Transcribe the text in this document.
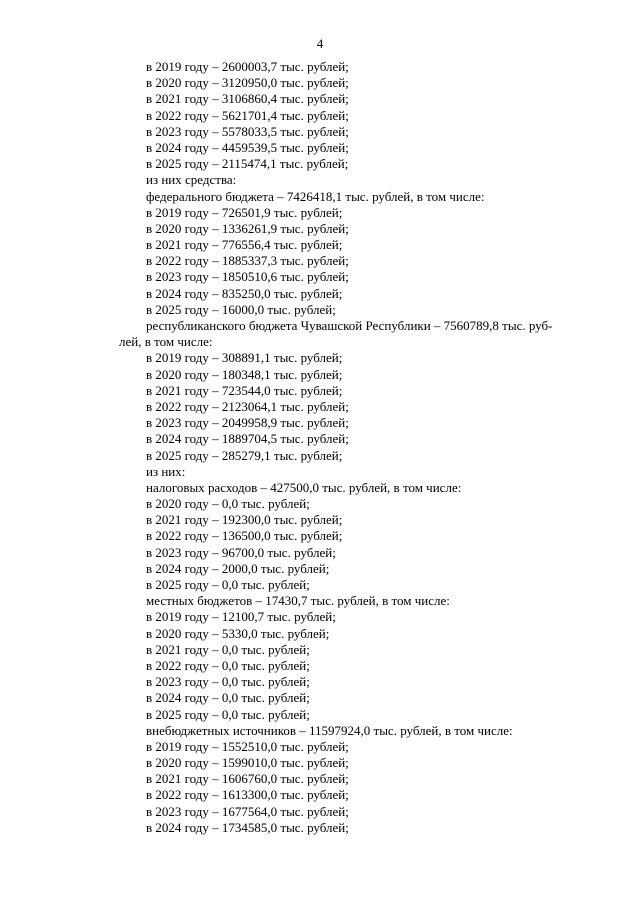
4
в 2019 году – 2600003,7 тыс. рублей;
в 2020 году – 3120950,0 тыс. рублей;
в 2021 году – 3106860,4 тыс. рублей;
в 2022 году – 5621701,4 тыс. рублей;
в 2023 году – 5578033,5 тыс. рублей;
в 2024 году – 4459539,5 тыс. рублей;
в 2025 году – 2115474,1 тыс. рублей;
из них средства:
федерального бюджета – 7426418,1 тыс. рублей, в том числе:
в 2019 году – 726501,9 тыс. рублей;
в 2020 году – 1336261,9 тыс. рублей;
в 2021 году – 776556,4 тыс. рублей;
в 2022 году – 1885337,3 тыс. рублей;
в 2023 году – 1850510,6 тыс. рублей;
в 2024 году – 835250,0 тыс. рублей;
в 2025 году – 16000,0 тыс. рублей;
республиканского бюджета Чувашской Республики – 7560789,8 тыс. руб-
лей, в том числе:
в 2019 году – 308891,1 тыс. рублей;
в 2020 году – 180348,1 тыс. рублей;
в 2021 году – 723544,0 тыс. рублей;
в 2022 году – 2123064,1 тыс. рублей;
в 2023 году – 2049958,9 тыс. рублей;
в 2024 году – 1889704,5 тыс. рублей;
в 2025 году – 285279,1 тыс. рублей;
из них:
налоговых расходов – 427500,0 тыс. рублей, в том числе:
в 2020 году – 0,0 тыс. рублей;
в 2021 году – 192300,0 тыс. рублей;
в 2022 году – 136500,0 тыс. рублей;
в 2023 году – 96700,0 тыс. рублей;
в 2024 году – 2000,0 тыс. рублей;
в 2025 году – 0,0 тыс. рублей;
местных бюджетов – 17430,7 тыс. рублей, в том числе:
в 2019 году – 12100,7 тыс. рублей;
в 2020 году – 5330,0 тыс. рублей;
в 2021 году – 0,0 тыс. рублей;
в 2022 году – 0,0 тыс. рублей;
в 2023 году – 0,0 тыс. рублей;
в 2024 году – 0,0 тыс. рублей;
в 2025 году – 0,0 тыс. рублей;
внебюджетных источников – 11597924,0 тыс. рублей, в том числе:
в 2019 году – 1552510,0 тыс. рублей;
в 2020 году – 1599010,0 тыс. рублей;
в 2021 году – 1606760,0 тыс. рублей;
в 2022 году – 1613300,0 тыс. рублей;
в 2023 году – 1677564,0 тыс. рублей;
в 2024 году – 1734585,0 тыс. рублей;
